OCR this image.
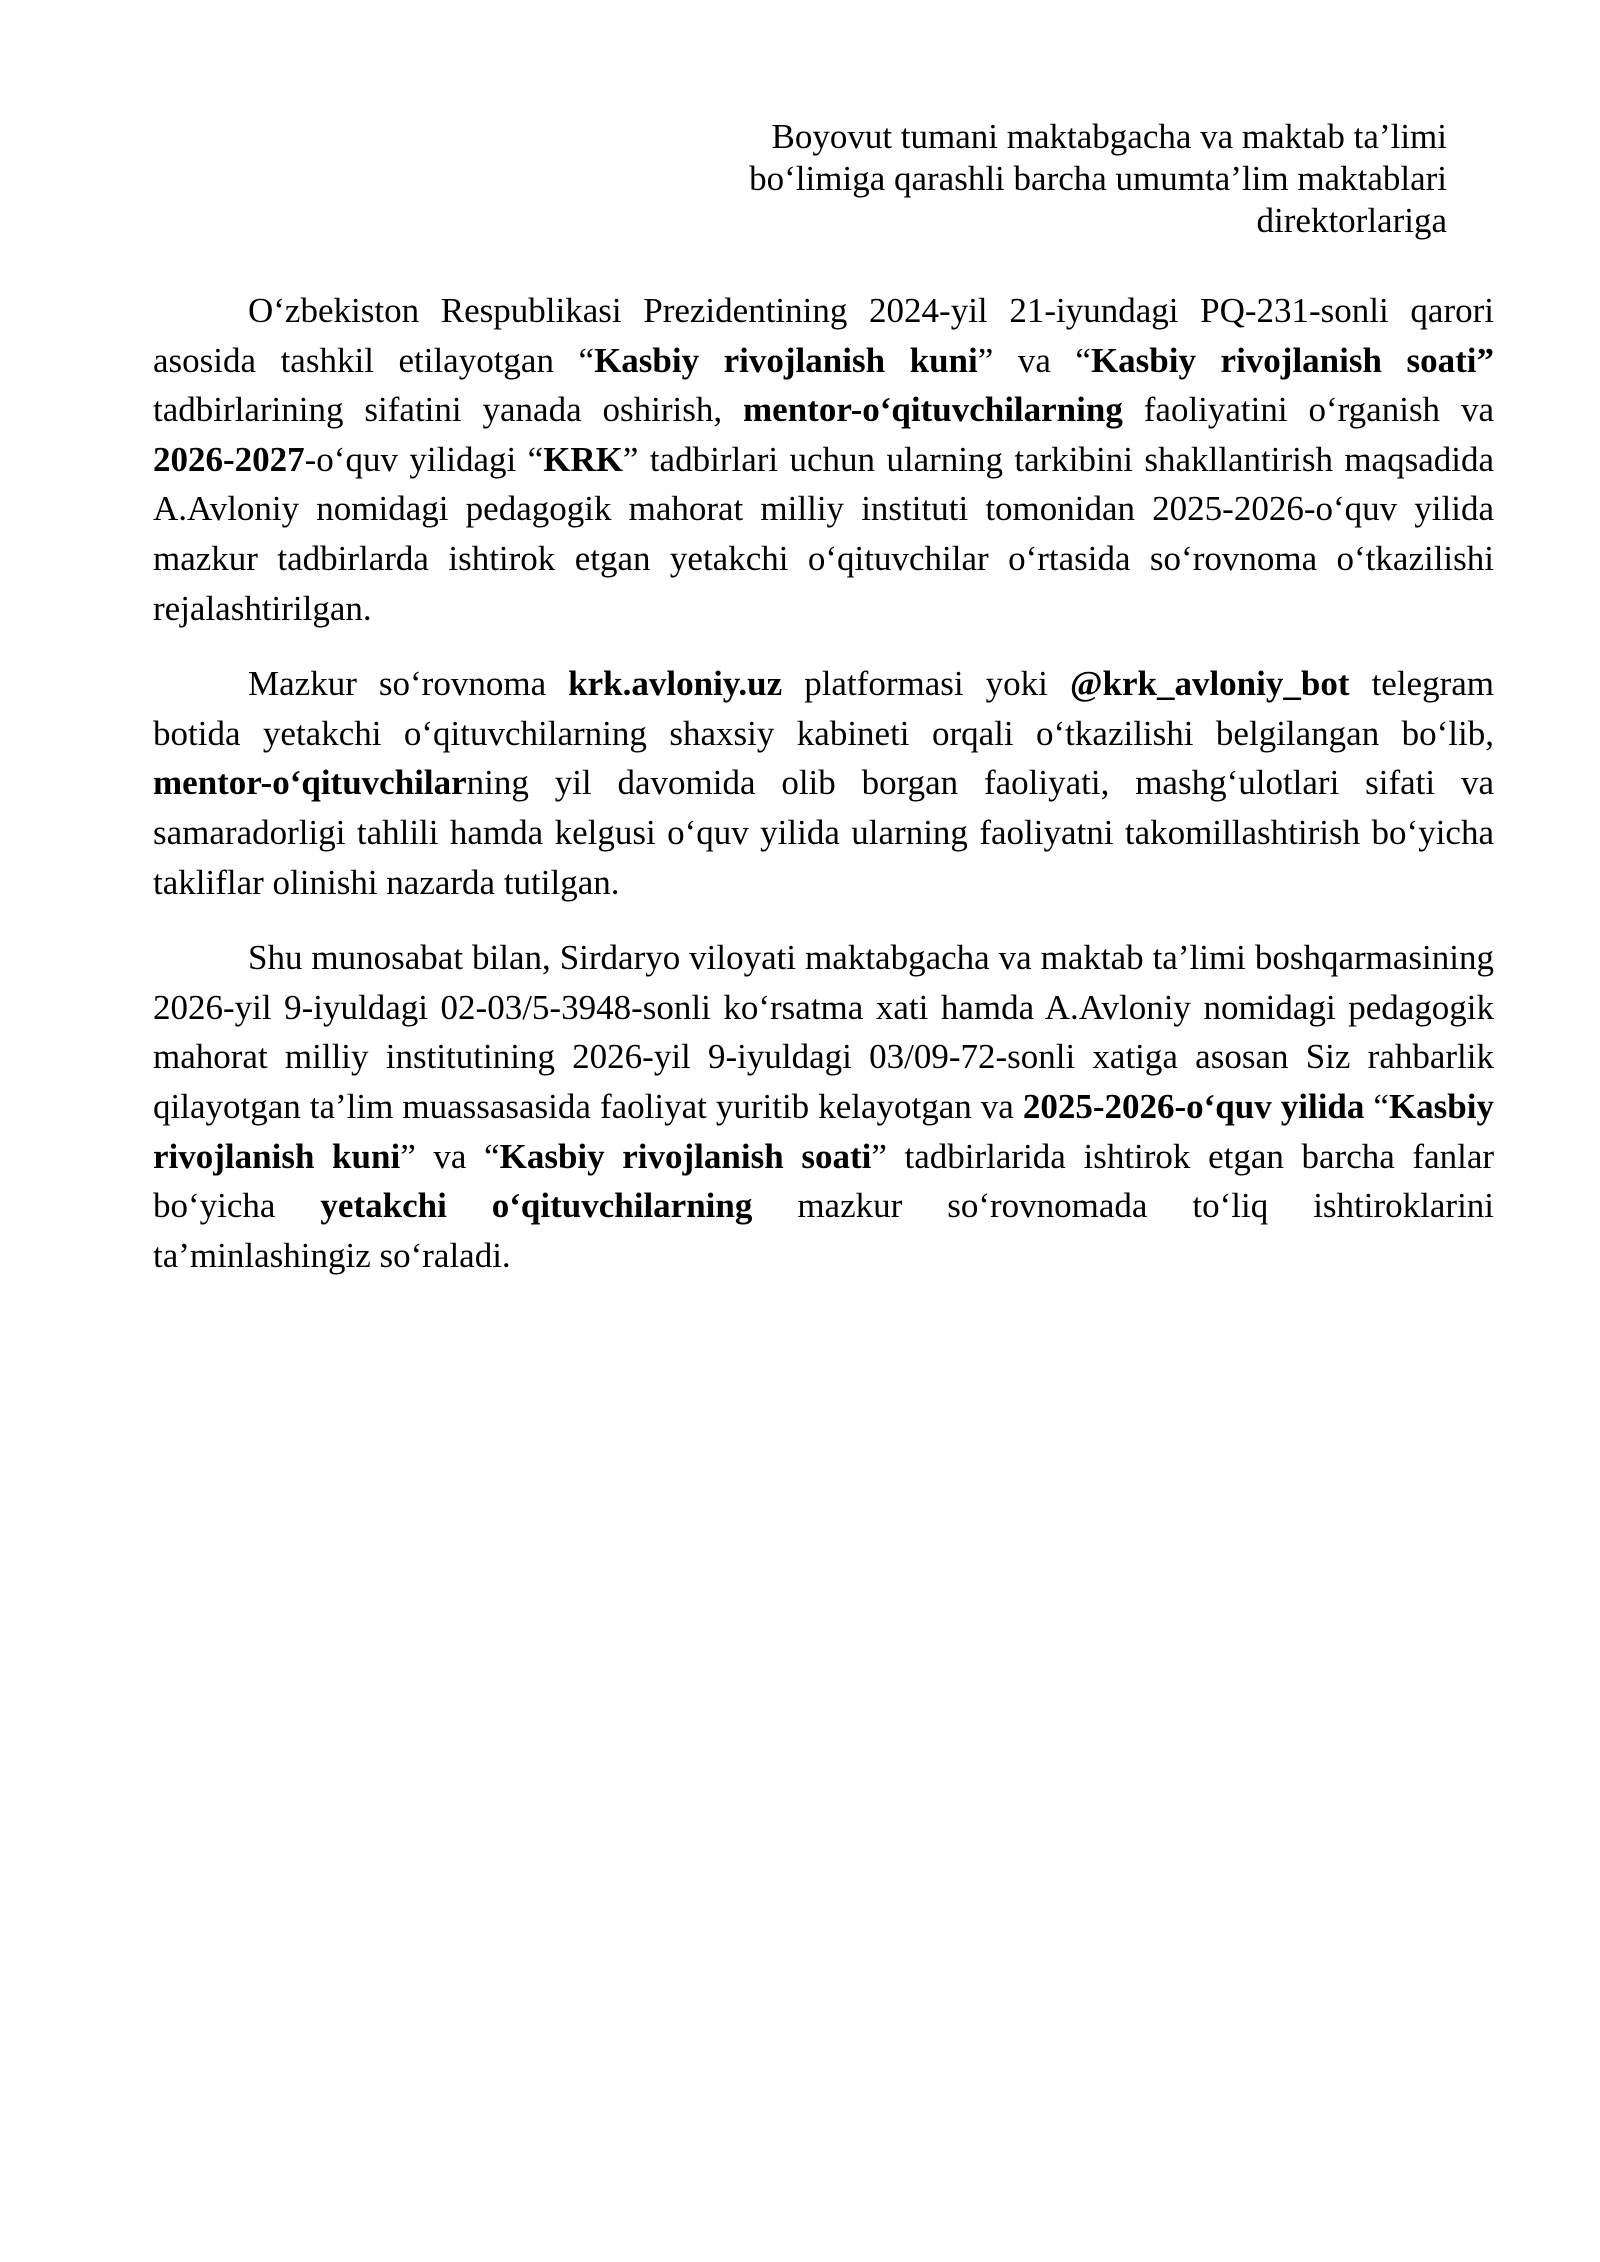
Boyovut tumani maktabgacha va maktab ta’limi
bo‘limiga qarashli barcha umumta’lim maktablari
direktorlariga

O‘zbekiston Respublikasi Prezidentining 2024-yil 21-iyundagi PQ-231-sonli qarori asosida tashkil etilayotgan “Kasbiy rivojlanish kuni” va “Kasbiy rivojlanish soati” tadbirlarining sifatini yanada oshirish, mentor-o‘qituvchilarning faoliyatini o‘rganish va 2026-2027-o‘quv yilidagi “KRK” tadbirlari uchun ularning tarkibini shakllantirish maqsadida A.Avloniy nomidagi pedagogik mahorat milliy instituti tomonidan 2025-2026-o‘quv yilida mazkur tadbirlarda ishtirok etgan yetakchi o‘qituvchilar o‘rtasida so‘rovnoma o‘tkazilishi rejalashtirilgan.

Mazkur so‘rovnoma krk.avloniy.uz platformasi yoki @krk_avloniy_bot telegram botida yetakchi o‘qituvchilarning shaxsiy kabineti orqali o‘tkazilishi belgilangan bo‘lib, mentor-o‘qituvchilarning yil davomida olib borgan faoliyati, mashg‘ulotlari sifati va samaradorligi tahlili hamda kelgusi o‘quv yilida ularning faoliyatni takomillashtirish bo‘yicha takliflar olinishi nazarda tutilgan.

Shu munosabat bilan, Sirdaryo viloyati maktabgacha va maktab ta’limi boshqarmasining 2026-yil 9-iyuldagi 02-03/5-3948-sonli ko‘rsatma xati hamda A.Avloniy nomidagi pedagogik mahorat milliy institutining 2026-yil 9-iyuldagi 03/09-72-sonli xatiga asosan Siz rahbarlik qilayotgan ta’lim muassasasida faoliyat yuritib kelayotgan va 2025-2026-o‘quv yilida “Kasbiy rivojlanish kuni” va “Kasbiy rivojlanish soati” tadbirlarida ishtirok etgan barcha fanlar bo‘yicha yetakchi o‘qituvchilarning mazkur so‘rovnomada to‘liq ishtiroklarini ta’minlashingiz so‘raladi.
